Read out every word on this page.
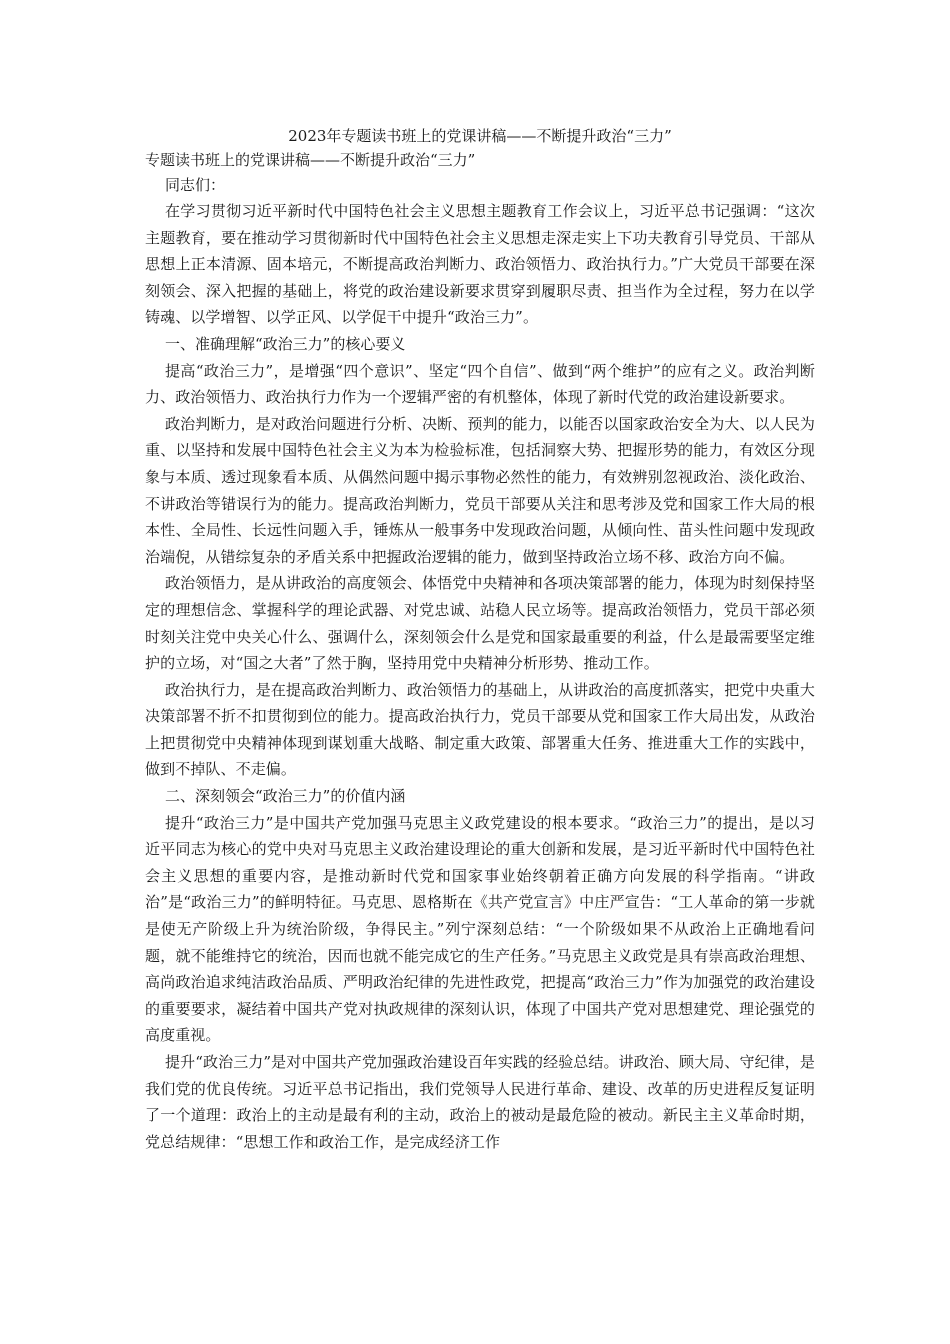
2023年专题读书班上的党课讲稿——不断提升政治“三力”

专题读书班上的党课讲稿——不断提升政治“三力”

同志们：

在学习贯彻习近平新时代中国特色社会主义思想主题教育工作会议上，习近平总书记强调：“这次主题教育，要在推动学习贯彻新时代中国特色社会主义思想走深走实上下功夫教育引导党员、干部从思想上正本清源、固本培元，不断提高政治判断力、政治领悟力、政治执行力。”广大党员干部要在深刻领会、深入把握的基础上，将党的政治建设新要求贯穿到履职尽责、担当作为全过程，努力在以学铸魂、以学增智、以学正风、以学促干中提升“政治三力”。

一、准确理解“政治三力”的核心要义

提高“政治三力”，是增强“四个意识”、坚定“四个自信”、做到“两个维护”的应有之义。政治判断力、政治领悟力、政治执行力作为一个逻辑严密的有机整体，体现了新时代党的政治建设新要求。

政治判断力，是对政治问题进行分析、决断、预判的能力，以能否以国家政治安全为大、以人民为重、以坚持和发展中国特色社会主义为本为检验标准，包括洞察大势、把握形势的能力，有效区分现象与本质、透过现象看本质、从偶然问题中揭示事物必然性的能力，有效辨别忽视政治、淡化政治、不讲政治等错误行为的能力。提高政治判断力，党员干部要从关注和思考涉及党和国家工作大局的根本性、全局性、长远性问题入手，锤炼从一般事务中发现政治问题，从倾向性、苗头性问题中发现政治端倪，从错综复杂的矛盾关系中把握政治逻辑的能力，做到坚持政治立场不移、政治方向不偏。

政治领悟力，是从讲政治的高度领会、体悟党中央精神和各项决策部署的能力，体现为时刻保持坚定的理想信念、掌握科学的理论武器、对党忠诚、站稳人民立场等。提高政治领悟力，党员干部必须时刻关注党中央关心什么、强调什么，深刻领会什么是党和国家最重要的利益，什么是最需要坚定维护的立场，对“国之大者”了然于胸，坚持用党中央精神分析形势、推动工作。

政治执行力，是在提高政治判断力、政治领悟力的基础上，从讲政治的高度抓落实，把党中央重大决策部署不折不扣贯彻到位的能力。提高政治执行力，党员干部要从党和国家工作大局出发，从政治上把贯彻党中央精神体现到谋划重大战略、制定重大政策、部署重大任务、推进重大工作的实践中，做到不掉队、不走偏。

二、深刻领会“政治三力”的价值内涵

提升“政治三力”是中国共产党加强马克思主义政党建设的根本要求。“政治三力”的提出，是以习近平同志为核心的党中央对马克思主义政治建设理论的重大创新和发展，是习近平新时代中国特色社会主义思想的重要内容，是推动新时代党和国家事业始终朝着正确方向发展的科学指南。“讲政治”是“政治三力”的鲜明特征。马克思、恩格斯在《共产党宣言》中庄严宣告：“工人革命的第一步就是使无产阶级上升为统治阶级，争得民主。”列宁深刻总结：“一个阶级如果不从政治上正确地看问题，就不能维持它的统治，因而也就不能完成它的生产任务。”马克思主义政党是具有崇高政治理想、高尚政治追求纯洁政治品质、严明政治纪律的先进性政党，把提高“政治三力”作为加强党的政治建设的重要要求，凝结着中国共产党对执政规律的深刻认识，体现了中国共产党对思想建党、理论强党的高度重视。

提升“政治三力”是对中国共产党加强政治建设百年实践的经验总结。讲政治、顾大局、守纪律，是我们党的优良传统。习近平总书记指出，我们党领导人民进行革命、建设、改革的历史进程反复证明了一个道理：政治上的主动是最有利的主动，政治上的被动是最危险的被动。新民主主义革命时期，党总结规律：“思想工作和政治工作，是完成经济工作
